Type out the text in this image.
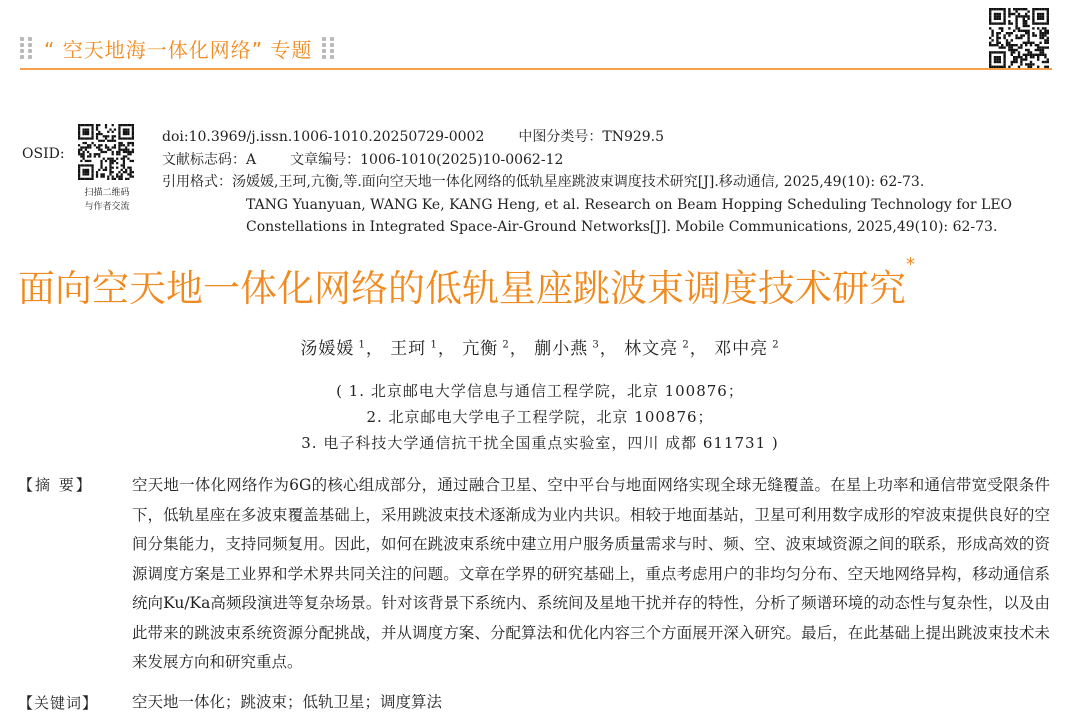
“ 空天地海一体化网络” 专题
OSID:
扫描二维码
与作者交流
doi:10.3969/j.issn.1006-1010.20250729-0002 中图分类号：TN929.5
文献标志码：A 文章编号：1006-1010(2025)10-0062-12
引用格式：汤媛媛,王珂,亢衡,等.面向空天地一体化网络的低轨星座跳波束调度技术研究[J].移动通信, 2025,49(10): 62-73.
TANG Yuanyuan, WANG Ke, KANG Heng, et al. Research on Beam Hopping Scheduling Technology for LEO
Constellations in Integrated Space-Air-Ground Networks[J]. Mobile Communications, 2025,49(10): 62-73.
面向空天地一体化网络的低轨星座跳波束调度技术研究*
汤媛媛 $^1$， 王珂 $^1$， 亢衡 $^2$， 蒯小燕 $^3$， 林文亮 $^2$， 邓中亮 $^2$
( 1. 北京邮电大学信息与通信工程学院，北京 100876；
2. 北京邮电大学电子工程学院，北京 100876；
3. 电子科技大学通信抗干扰全国重点实验室，四川 成都 611731 )
【摘 要】	空天地一体化网络作为6G的核心组成部分，通过融合卫星、空中平台与地面网络实现全球无缝覆盖。在星上功率和通信带宽受限条件下，低轨星座在多波束覆盖基础上，采用跳波束技术逐渐成为业内共识。相较于地面基站，卫星可利用数字成形的窄波束提供良好的空间分集能力，支持同频复用。因此，如何在跳波束系统中建立用户服务质量需求与时、频、空、波束域资源之间的联系，形成高效的资源调度方案是工业界和学术界共同关注的问题。文章在学界的研究基础上，重点考虑用户的非均匀分布、空天地网络异构，移动通信系统向Ku/Ka高频段演进等复杂场景。针对该背景下系统内、系统间及星地干扰并存的特性，分析了频谱环境的动态性与复杂性，以及由此带来的跳波束系统资源分配挑战，并从调度方案、分配算法和优化内容三个方面展开深入研究。最后，在此基础上提出跳波束技术未来发展方向和研究重点。
【关键词】 空天地一体化；跳波束；低轨卫星；调度算法
